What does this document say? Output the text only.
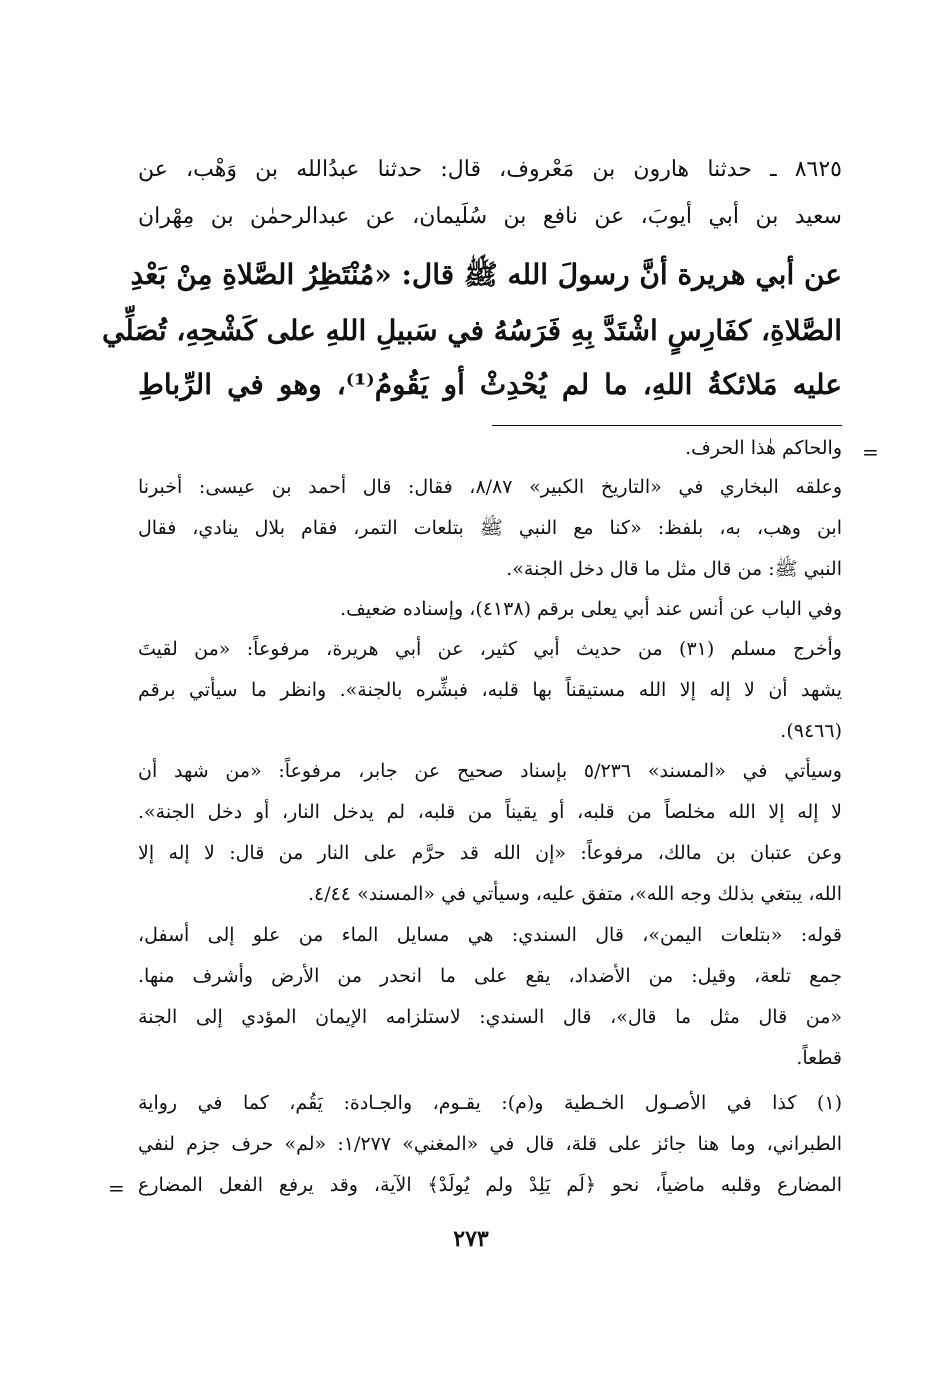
٨٦٢٥ ـ حدثنا هارون بن مَعْروف، قال: حدثنا عبدُالله بن وَهْب، عن
سعيد بن أبي أيوبَ، عن نافع بن سُلَيمان، عن عبدالرحمٰن بن مِهْران
عن أبي هريرة أنَّ رسولَ الله ﷺ قال: «مُنْتَظِرُ الصَّلاةِ مِنْ بَعْدِ
الصَّلاةِ، كفَارِسٍ اشْتَدَّ بِهِ فَرَسُهُ في سَبيلِ اللهِ على كَشْحِهِ، تُصَلِّي
عليه مَلائكةُ اللهِ، ما لم يُحْدِثْ أو يَقُومُ⁽¹⁾، وهو في الرِّباطِ
=
والحاكم هٰذا الحرف.
وعلقه البخاري في «التاريخ الكبير» ٨/٨٧، فقال: قال أحمد بن عيسى: أخبرنا
ابن وهب، به، بلفظ: «كنا مع النبي ﷺ بتلعات التمر، فقام بلال ينادي، فقال
النبي ﷺ: من قال مثل ما قال دخل الجنة».
وفي الباب عن أنس عند أبي يعلى برقم (٤١٣٨)، وإسناده ضعيف.
وأخرج مسلم (٣١) من حديث أبي كثير، عن أبي هريرة، مرفوعاً: «من لقيتَ
يشهد أن لا إله إلا الله مستيقناً بها قلبه، فبشِّره بالجنة». وانظر ما سيأتي برقم
(٩٤٦٦).
وسيأتي في «المسند» ٥/٢٣٦ بإسناد صحيح عن جابر، مرفوعاً: «من شهد أن
لا إله إلا الله مخلصاً من قلبه، أو يقيناً من قلبه، لم يدخل النار، أو دخل الجنة».
وعن عتبان بن مالك، مرفوعاً: «إن الله قد حرَّم على النار من قال: لا إله إلا
الله، يبتغي بذلك وجه الله»، متفق عليه، وسيأتي في «المسند» ٤/٤٤.
قوله: «بتلعات اليمن»، قال السندي: هي مسايل الماء من علو إلى أسفل،
جمع تلعة، وقيل: من الأضداد، يقع على ما انحدر من الأرض وأشرف منها.
«من قال مثل ما قال»، قال السندي: لاستلزامه الإيمان المؤدي إلى الجنة
قطعاً.
(١) كذا في الأصـول الخـطية و(م): يقـوم، والجـادة: يَقُم، كما في رواية
الطبراني، وما هنا جائز على قلة، قال في «المغني» ١/٢٧٧: «لم» حرف جزم لنفي
المضارع وقلبه ماضياً، نحو ﴿لَم يَلِدْ ولم يُولَدْ﴾ الآية، وقد يرفع الفعل المضارع
=
٢٧٣
